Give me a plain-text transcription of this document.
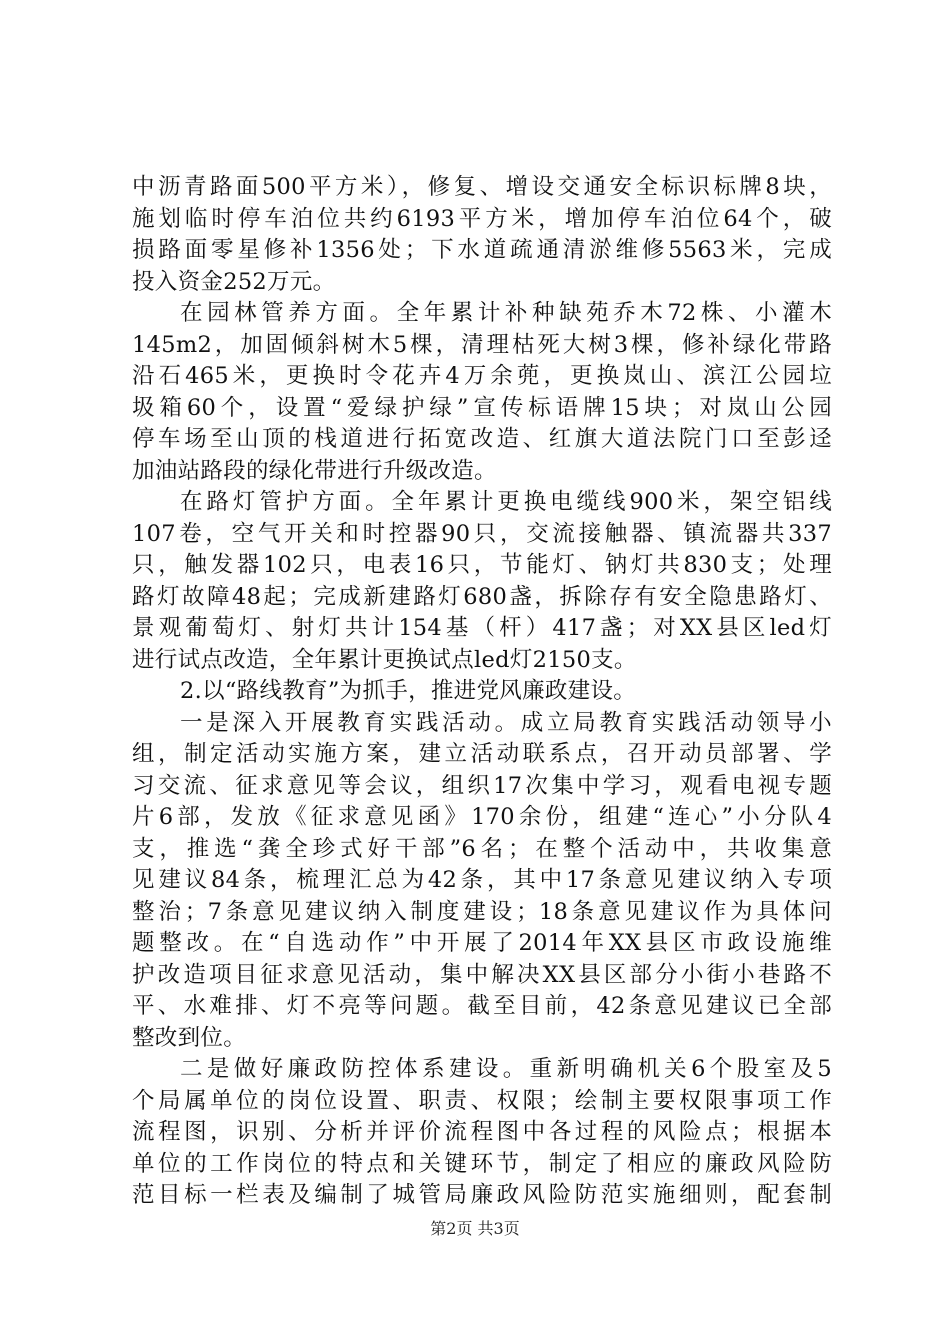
中沥青路面500平方米），修复、增设交通安全标识标牌8块，
施划临时停车泊位共约6193平方米，增加停车泊位64个，破
损路面零星修补1356处；下水道疏通清淤维修5563米，完成
投入资金252万元。
在园林管养方面。全年累计补种缺苑乔木72株、小灌木
145m2，加固倾斜树木5棵，清理枯死大树3棵，修补绿化带路
沿石465米，更换时令花卉4万余蔸，更换岚山、滨江公园垃
圾箱60个，设置“爱绿护绿”宣传标语牌15块；对岚山公园
停车场至山顶的栈道进行拓宽改造、红旗大道法院门口至彭迳
加油站路段的绿化带进行升级改造。
在路灯管护方面。全年累计更换电缆线900米，架空铝线
107卷，空气开关和时控器90只，交流接触器、镇流器共337
只，触发器102只，电表16只，节能灯、钠灯共830支；处理
路灯故障48起；完成新建路灯680盏，拆除存有安全隐患路灯、
景观葡萄灯、射灯共计154基（杆）417盏；对XX县区led灯
进行试点改造，全年累计更换试点led灯2150支。
2.以“路线教育”为抓手，推进党风廉政建设。
一是深入开展教育实践活动。成立局教育实践活动领导小
组，制定活动实施方案，建立活动联系点，召开动员部署、学
习交流、征求意见等会议，组织17次集中学习，观看电视专题
片6部，发放《征求意见函》170余份，组建“连心”小分队4
支，推选“龚全珍式好干部”6名；在整个活动中，共收集意
见建议84条，梳理汇总为42条，其中17条意见建议纳入专项
整治；7条意见建议纳入制度建设；18条意见建议作为具体问
题整改。在“自选动作”中开展了2014年XX县区市政设施维
护改造项目征求意见活动，集中解决XX县区部分小街小巷路不
平、水难排、灯不亮等问题。截至目前，42条意见建议已全部
整改到位。
二是做好廉政防控体系建设。重新明确机关6个股室及5
个局属单位的岗位设置、职责、权限；绘制主要权限事项工作
流程图，识别、分析并评价流程图中各过程的风险点；根据本
单位的工作岗位的特点和关键环节，制定了相应的廉政风险防
范目标一栏表及编制了城管局廉政风险防范实施细则，配套制
第2页 共3页
